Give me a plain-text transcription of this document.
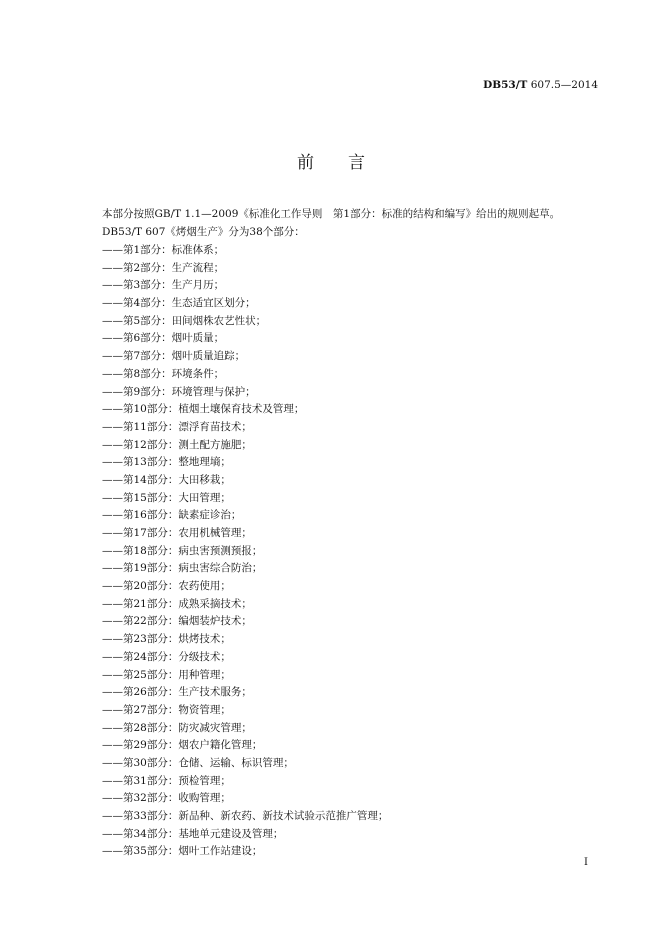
DB53/T 607.5—2014
前言
本部分按照GB/T 1.1—2009《标准化工作导则　第1部分：标准的结构和编写》给出的规则起草。
DB53/T 607《烤烟生产》分为38个部分：
——第1部分：标准体系；
——第2部分：生产流程；
——第3部分：生产月历；
——第4部分：生态适宜区划分；
——第5部分：田间烟株农艺性状；
——第6部分：烟叶质量；
——第7部分：烟叶质量追踪；
——第8部分：环境条件；
——第9部分：环境管理与保护；
——第10部分：植烟土壤保育技术及管理；
——第11部分：漂浮育苗技术；
——第12部分：测土配方施肥；
——第13部分：整地理墒；
——第14部分：大田移栽；
——第15部分：大田管理；
——第16部分：缺素症诊治；
——第17部分：农用机械管理；
——第18部分：病虫害预测预报；
——第19部分：病虫害综合防治；
——第20部分：农药使用；
——第21部分：成熟采摘技术；
——第22部分：编烟装炉技术；
——第23部分：烘烤技术；
——第24部分：分级技术；
——第25部分：用种管理；
——第26部分：生产技术服务；
——第27部分：物资管理；
——第28部分：防灾减灾管理；
——第29部分：烟农户籍化管理；
——第30部分：仓储、运输、标识管理；
——第31部分：预检管理；
——第32部分：收购管理；
——第33部分：新品种、新农药、新技术试验示范推广管理；
——第34部分：基地单元建设及管理；
——第35部分：烟叶工作站建设；
I
